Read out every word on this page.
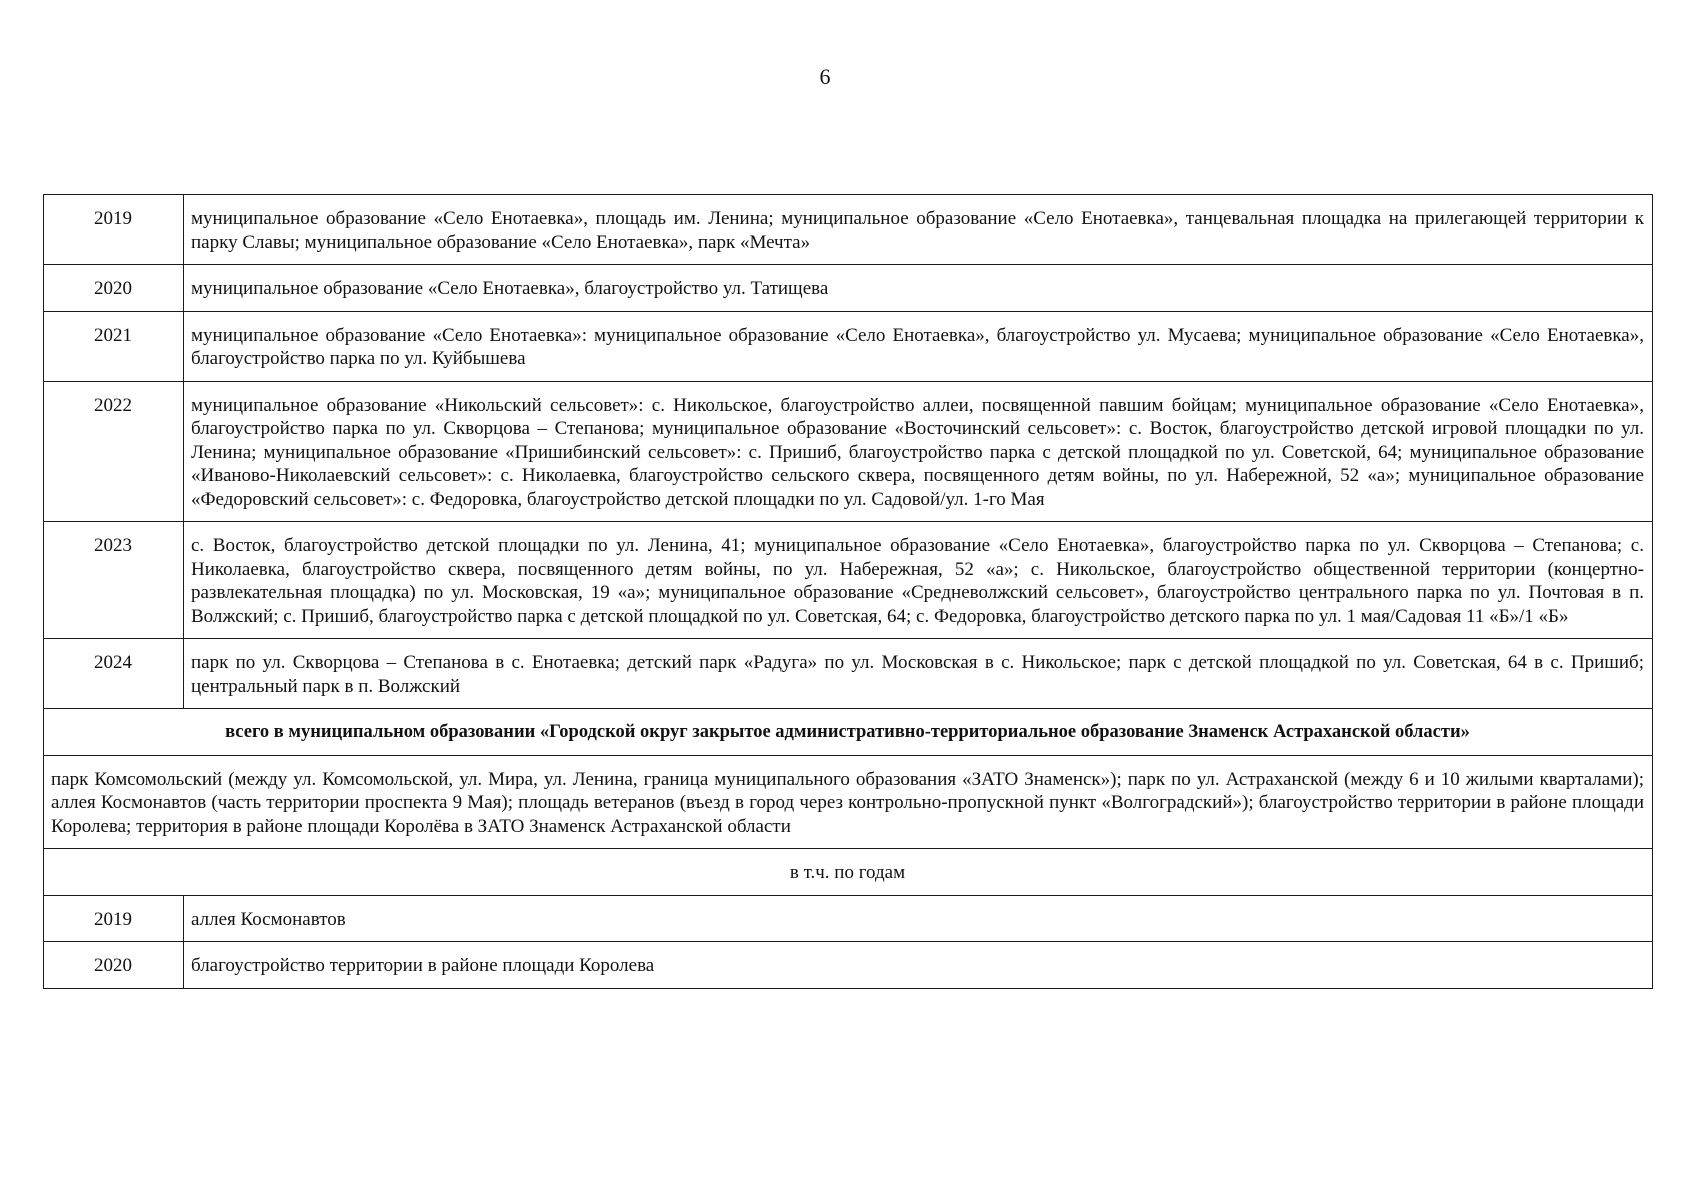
6
2019	муниципальное образование «Село Енотаевка», площадь им. Ленина; муниципальное образование «Село Енотаевка», танцевальная площадка на прилегающей территории к парку Славы; муниципальное образование «Село Енотаевка», парк «Мечта»
2020	муниципальное образование «Село Енотаевка», благоустройство ул. Татищева
2021	муниципальное образование «Село Енотаевка»: муниципальное образование «Село Енотаевка», благоустройство ул. Мусаева; муниципальное образование «Село Енотаевка», благоустройство парка по ул. Куйбышева
2022	муниципальное образование «Никольский сельсовет»: с. Никольское, благоустройство аллеи, посвященной павшим бойцам; муниципальное образование «Село Енотаевка», благоустройство парка по ул. Скворцова – Степанова; муниципальное образование «Восточинский сельсовет»: с. Восток, благоустройство детской игровой площадки по ул. Ленина; муниципальное образование «Пришибинский сельсовет»: с. Пришиб, благоустройство парка с детской площадкой по ул. Советской, 64; муниципальное образование «Ивановo-Николаевский сельсовет»: с. Николаевка, благоустройство сельского сквера, посвященного детям войны, по ул. Набережной, 52 «а»; муниципальное образование «Федоровский сельсовет»: с. Федоровка, благоустройство детской площадки по ул. Садовой/ул. 1-го Мая
2023	с. Восток, благоустройство детской площадки по ул. Ленина, 41; муниципальное образование «Село Енотаевка», благоустройство парка по ул. Скворцова – Степанова; с. Николаевка, благоустройство сквера, посвященного детям войны, по ул. Набережная, 52 «а»; с. Никольское, благоустройство общественной территории (концертно-развлекательная площадка) по ул. Московская, 19 «а»; муниципальное образование «Средневолжский сельсовет», благоустройство центрального парка по ул. Почтовая в п. Волжский; с. Пришиб, благоустройство парка с детской площадкой по ул. Советская, 64; с. Федоровка, благоустройство детского парка по ул. 1 мая/Садовая 11 «Б»/1 «Б»
2024	парк по ул. Скворцова – Степанова в с. Енотаевка; детский парк «Радуга» по ул. Московская в с. Никольское; парк с детской площадкой по ул. Советская, 64 в с. Пришиб; центральный парк в п. Волжский
всего в муниципальном образовании «Городской округ закрытое административно-территориальное образование Знаменск Астраханской области»	
парк Комсомольский (между ул. Комсомольской, ул. Мира, ул. Ленина, граница муниципального образования «ЗАТО Знаменск»); парк по ул. Астраханской (между 6 и 10 жилыми кварталами); аллея Космонавтов (часть территории проспекта 9 Мая); площадь ветеранов (въезд в город через контрольно-пропускной пункт «Волгоградский»); благоустройство территории в районе площади Королева; территория в районе площади Королёва в ЗАТО Знаменск Астраханской области	
в т.ч. по годам	
2019	аллея Космонавтов
2020	благоустройство территории в районе площади Королева
